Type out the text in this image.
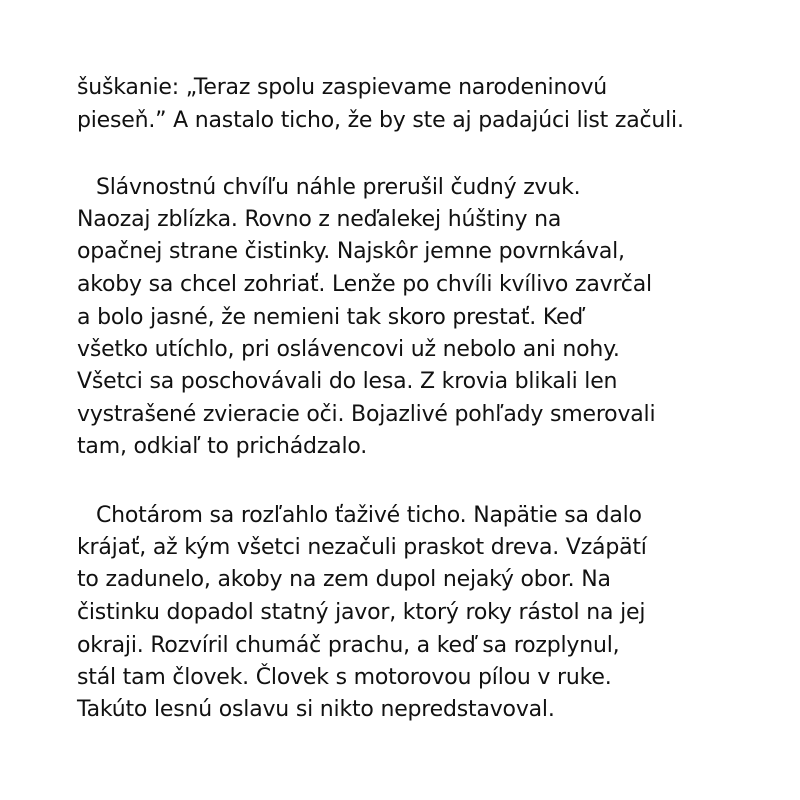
šuškanie: „Teraz spolu zaspievame narodeninovú
pieseň.” A nastalo ticho, že by ste aj padajúci list začuli.
Slávnostnú chvíľu náhle prerušil čudný zvuk.
Naozaj zblízka. Rovno z neďalekej húštiny na
opačnej strane čistinky. Najskôr jemne povrnkával,
akoby sa chcel zohriať. Lenže po chvíli kvílivo zavrčal
a bolo jasné, že nemieni tak skoro prestať. Keď
všetko utíchlo, pri oslávencovi už nebolo ani nohy.
Všetci sa poschovávali do lesa. Z krovia blikali len
vystrašené zvieracie oči. Bojazlivé pohľady smerovali
tam, odkiaľ to prichádzalo.
Chotárom sa rozľahlo ťaživé ticho. Napätie sa dalo
krájať, až kým všetci nezačuli praskot dreva. Vzápätí
to zadunelo, akoby na zem dupol nejaký obor. Na
čistinku dopadol statný javor, ktorý roky rástol na jej
okraji. Rozvíril chumáč prachu, a keď sa rozplynul,
stál tam človek. Človek s motorovou pílou v ruke.
Takúto lesnú oslavu si nikto nepredstavoval.
